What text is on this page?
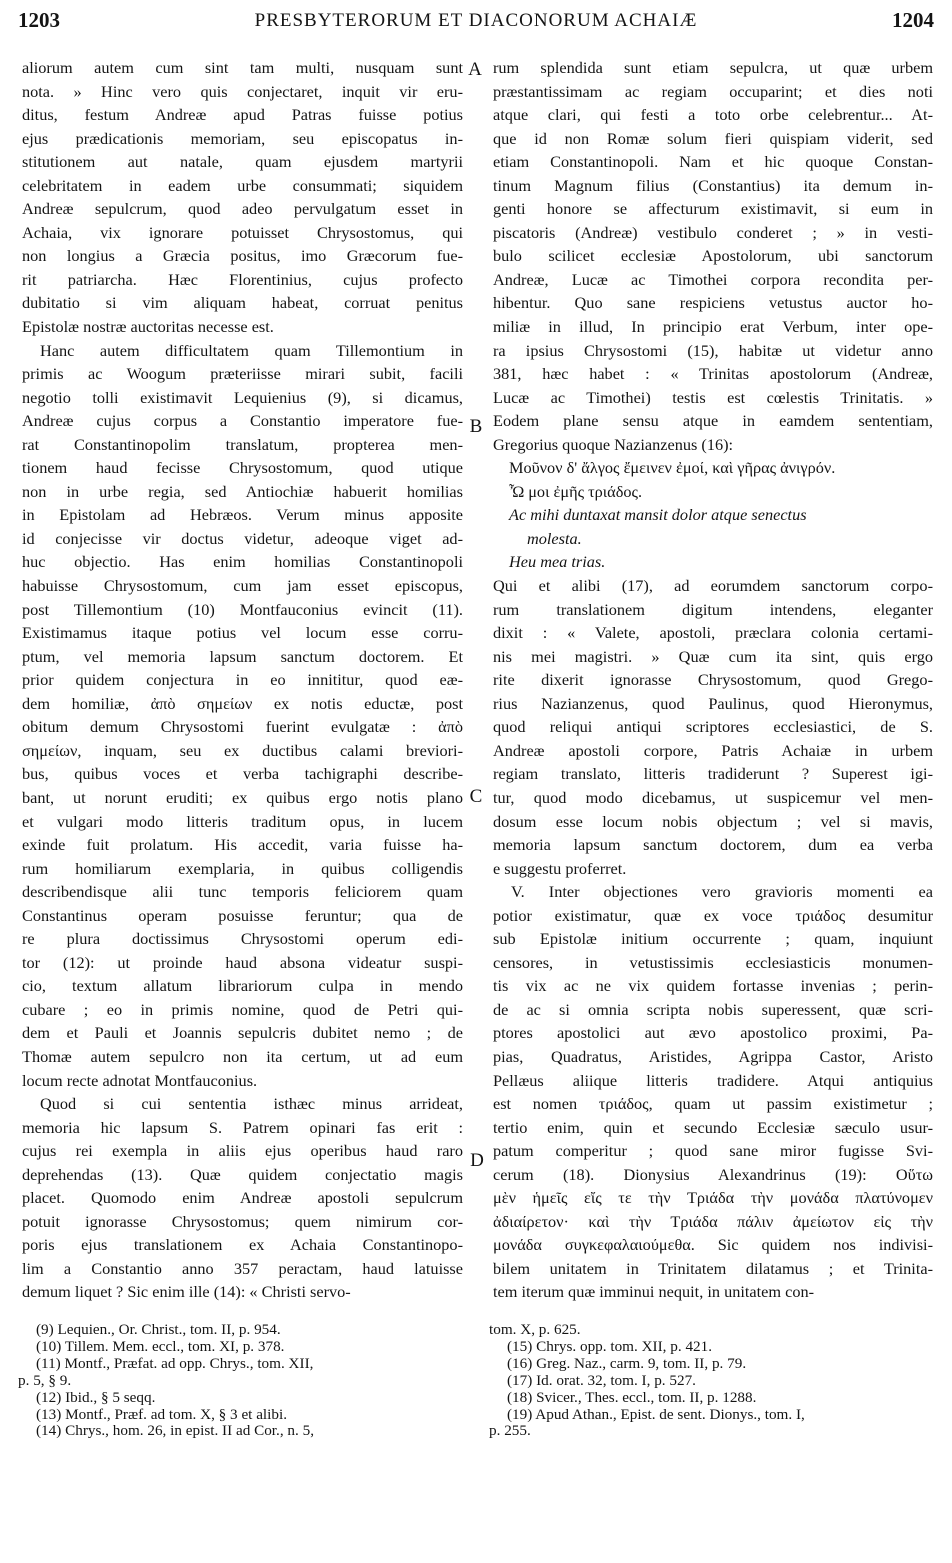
1203	PRESBYTERORUM ET DIACONORUM ACHAIÆ	1204

aliorum autem cum sint tam multi, nusquam sunt
nota. » Hinc vero quis conjectaret, inquit vir eru-
ditus, festum Andreæ apud Patras fuisse potius
ejus prædicationis memoriam, seu episcopatus in-
stitutionem aut natale, quam ejusdem martyrii
celebritatem in eadem urbe consummati; siquidem
Andreæ sepulcrum, quod adeo pervulgatum esset in
Achaia, vix ignorare potuisset Chrysostomus, qui
non longius a Græcia positus, imo Græcorum fue-
rit patriarcha. Hæc Florentinius, cujus profecto
dubitatio si vim aliquam habeat, corruat penitus
Epistolæ nostræ auctoritas necesse est.

Hanc autem difficultatem quam Tillemontium in
primis ac Woogum præteriisse mirari subit, facili
negotio tolli existimavit Lequienius (9), si dicamus,
Andreæ cujus corpus a Constantio imperatore fue-
rat Constantinopolim translatum, propterea men-
tionem haud fecisse Chrysostomum, quod utique
non in urbe regia, sed Antiochiæ habuerit homilias
in Epistolam ad Hebræos. Verum minus apposite
id conjecisse vir doctus videtur, adeoque viget ad-
huc objectio. Has enim homilias Constantinopoli
habuisse Chrysostomum, cum jam esset episcopus,
post Tillemontium (10) Montfauconius evincit (11).
Existimamus itaque potius vel locum esse corru-
ptum, vel memoria lapsum sanctum doctorem. Et
prior quidem conjectura in eo innititur, quod eæ-
dem homiliæ, ἀπὸ σημείων ex notis eductæ, post
obitum demum Chrysostomi fuerint evulgatæ : ἀπὸ
σημείων, inquam, seu ex ductibus calami breviori-
bus, quibus voces et verba tachigraphi describe-
bant, ut norunt eruditi; ex quibus ergo notis plano
et vulgari modo litteris traditum opus, in lucem
exinde fuit prolatum. His accedit, varia fuisse ha-
rum homiliarum exemplaria, in quibus colligendis
describendisque alii tunc temporis feliciorem quam
Constantinus operam posuisse feruntur; qua de
re plura doctissimus Chrysostomi operum edi-
tor (12): ut proinde haud absona videatur suspi-
cio, textum allatum librariorum culpa in mendo
cubare ; eo in primis nomine, quod de Petri qui-
dem et Pauli et Joannis sepulcris dubitet nemo ; de
Thomæ autem sepulcro non ita certum, ut ad eum
locum recte adnotat Montfauconius.

Quod si cui sententia isthæc minus arrideat,
memoria hic lapsum S. Patrem opinari fas erit :
cujus rei exempla in aliis ejus operibus haud raro
deprehendas (13). Quæ quidem conjectatio magis
placet. Quomodo enim Andreæ apostoli sepulcrum
potuit ignorasse Chrysostomus; quem nimirum cor-
poris ejus translationem ex Achaia Constantinopo-
lim a Constantio anno 357 peractam, haud latuisse
demum liquet ? Sic enim ille (14): « Christi servo-

A
B
C
D

rum splendida sunt etiam sepulcra, ut quæ urbem
præstantissimam ac regiam occuparint; et dies noti
atque clari, qui festi a toto orbe celebrentur... At-
que id non Romæ solum fieri quispiam viderit, sed
etiam Constantinopoli. Nam et hic quoque Constan-
tinum Magnum filius (Constantius) ita demum in-
genti honore se affecturum existimavit, si eum in
piscatoris (Andreæ) vestibulo conderet ; » in vesti-
bulo scilicet ecclesiæ Apostolorum, ubi sanctorum
Andreæ, Lucæ ac Timothei corpora recondita per-
hibentur. Quo sane respiciens vetustus auctor ho-
miliæ in illud, In principio erat Verbum, inter ope-
ra ipsius Chrysostomi (15), habitæ ut videtur anno
381, hæc habet : « Trinitas apostolorum (Andreæ,
Lucæ ac Timothei) testis est cœlestis Trinitatis. »
Eodem plane sensu atque in eamdem sententiam,
Gregorius quoque Nazianzenus (16):

Μοῦνον δ' ἄλγος ἔμεινεν ἐμοί, καὶ γῆρας ἀνιγρόν.

Ὦ μοι ἐμῆς τριάδος.

Ac mihi duntaxat mansit dolor atque senectus

molesta.

Heu mea trias.

Qui et alibi (17), ad eorumdem sanctorum corpo-
rum translationem digitum intendens, eleganter
dixit : « Valete, apostoli, præclara colonia certami-
nis mei magistri. » Quæ cum ita sint, quis ergo
rite dixerit ignorasse Chrysostomum, quod Grego-
rius Nazianzenus, quod Paulinus, quod Hieronymus,
quod reliqui antiqui scriptores ecclesiastici, de S.
Andreæ apostoli corpore, Patris Achaiæ in urbem
regiam translato, litteris tradiderunt ? Superest igi-
tur, quod modo dicebamus, ut suspicemur vel men-
dosum esse locum nobis objectum ; vel si mavis,
memoria lapsum sanctum doctorem, dum ea verba
e suggestu proferret.

V. Inter objectiones vero gravioris momenti ea
potior existimatur, quæ ex voce τριάδος desumitur
sub Epistolæ initium occurrente ; quam, inquiunt
censores, in vetustissimis ecclesiasticis monumen-
tis vix ac ne vix quidem fortasse invenias ; perin-
de ac si omnia scripta nobis superessent, quæ scri-
ptores apostolici aut ævo apostolico proximi, Pa-
pias, Quadratus, Aristides, Agrippa Castor, Aristo
Pellæus aliique litteris tradidere. Atqui antiquius
est nomen τριάδος, quam ut passim existimetur ;
tertio enim, quin et secundo Ecclesiæ sæculo usur-
patum comperitur ; quod sane miror fugisse Svi-
cerum (18). Dionysius Alexandrinus (19): Οὕτω
μὲν ἡμεῖς εἴς τε τὴν Τριάδα τὴν μονάδα πλατύνομεν
ἀδιαίρετον· καὶ τὴν Τριάδα πάλιν ἀμείωτον εἰς τὴν
μονάδα συγκεφαλαιούμεθα. Sic quidem nos indivisi-
bilem unitatem in Trinitatem dilatamus ; et Trinita-
tem iterum quæ imminui nequit, in unitatem con-

(9) Lequien., Or. Christ., tom. II, p. 954.
(10) Tillem. Mem. eccl., tom. XI, p. 378.
(11) Montf., Præfat. ad opp. Chrys., tom. XII,
p. 5, § 9.
(12) Ibid., § 5 seqq.
(13) Montf., Præf. ad tom. X, § 3 et alibi.
(14) Chrys., hom. 26, in epist. II ad Cor., n. 5,
tom. X, p. 625.
(15) Chrys. opp. tom. XII, p. 421.
(16) Greg. Naz., carm. 9, tom. II, p. 79.
(17) Id. orat. 32, tom. I, p. 527.
(18) Svicer., Thes. eccl., tom. II, p. 1288.
(19) Apud Athan., Epist. de sent. Dionys., tom. I,
p. 255.
